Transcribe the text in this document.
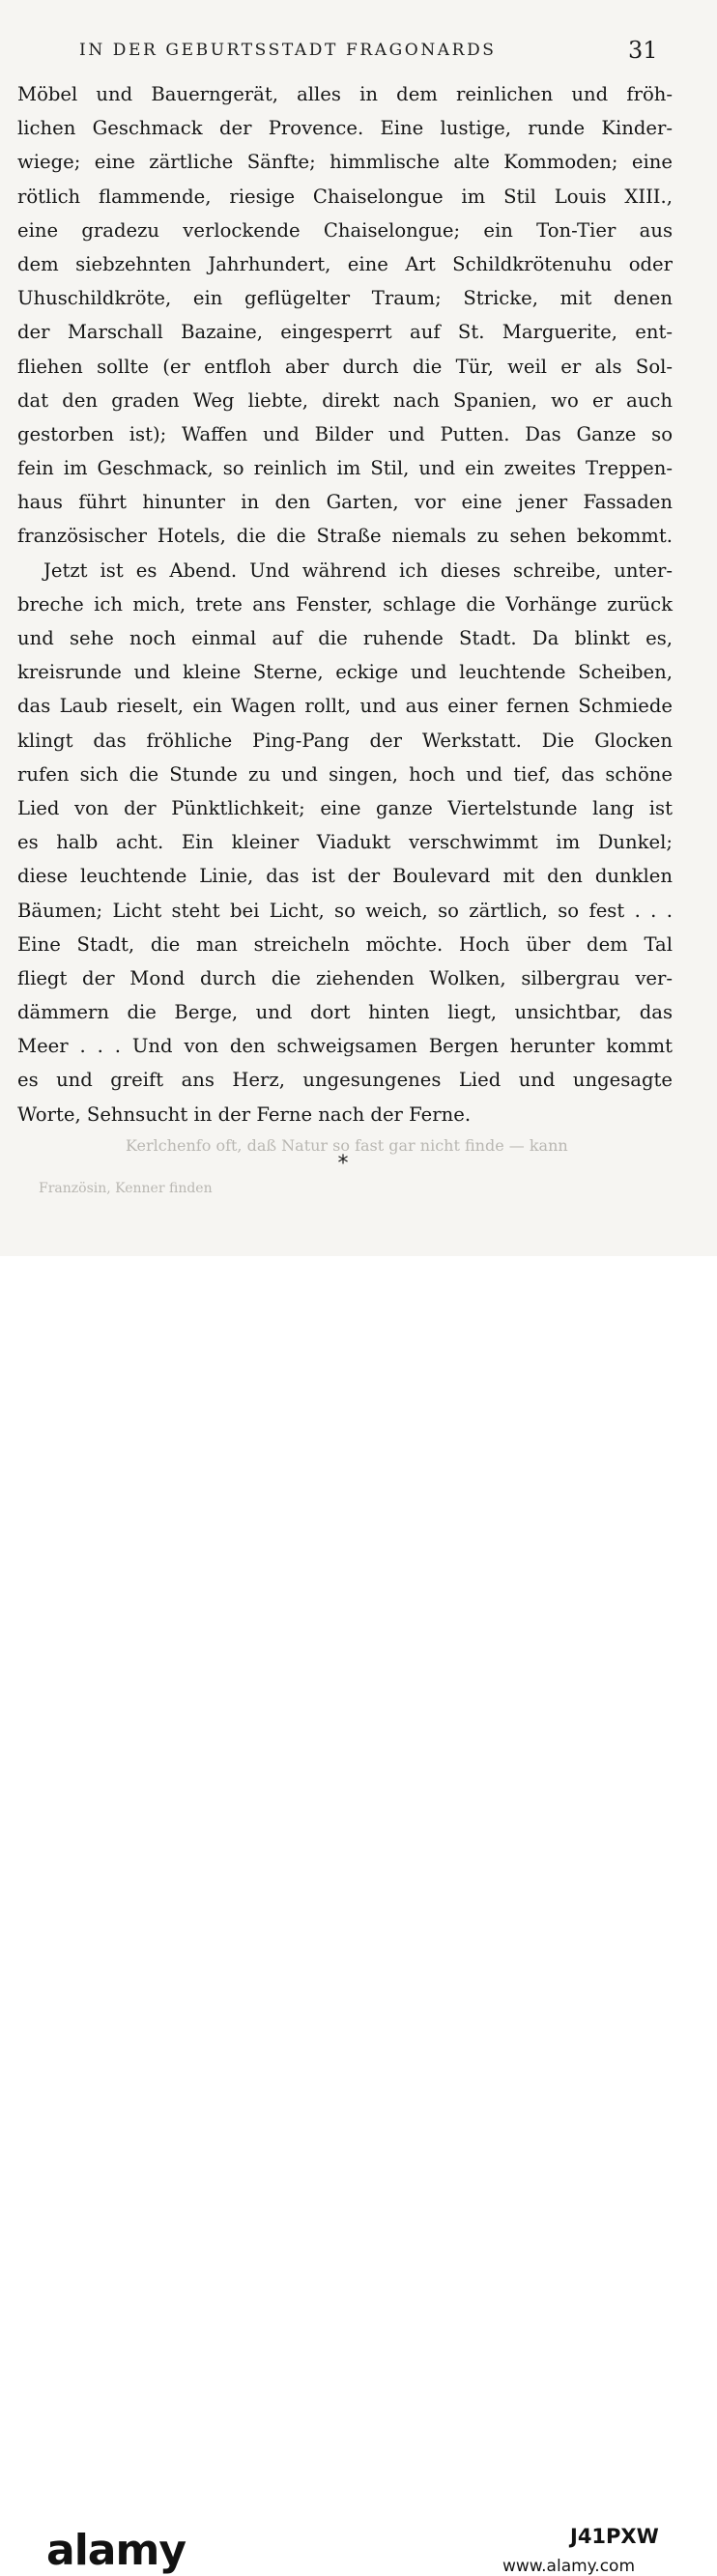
IN DER GEBURTSSTADT FRAGONARDS	31
Kerlchenfo oft, daß Natur so fast gar nicht finde — kann
Französin, Kenner finden
Möbel und Bauerngerät, alles in dem reinlichen und fröh-
lichen Geschmack der Provence. Eine lustige, runde Kinder-
wiege; eine zärtliche Sänfte; himmlische alte Kommoden; eine
rötlich flammende, riesige Chaiselongue im Stil Louis XIII.,
eine gradezu verlockende Chaiselongue; ein Ton-Tier aus
dem siebzehnten Jahrhundert, eine Art Schildkrötenuhu oder
Uhuschildkröte, ein geflügelter Traum; Stricke, mit denen
der Marschall Bazaine, eingesperrt auf St. Marguerite, ent-
fliehen sollte (er entfloh aber durch die Tür, weil er als Sol-
dat den graden Weg liebte, direkt nach Spanien, wo er auch
gestorben ist); Waffen und Bilder und Putten. Das Ganze so
fein im Geschmack, so reinlich im Stil, und ein zweites Treppen-
haus führt hinunter in den Garten, vor eine jener Fassaden
französischer Hotels, die die Straße niemals zu sehen bekommt.
Jetzt ist es Abend. Und während ich dieses schreibe, unter-
breche ich mich, trete ans Fenster, schlage die Vorhänge zurück
und sehe noch einmal auf die ruhende Stadt. Da blinkt es,
kreisrunde und kleine Sterne, eckige und leuchtende Scheiben,
das Laub rieselt, ein Wagen rollt, und aus einer fernen Schmiede
klingt das fröhliche Ping-Pang der Werkstatt. Die Glocken
rufen sich die Stunde zu und singen, hoch und tief, das schöne
Lied von der Pünktlichkeit; eine ganze Viertelstunde lang ist
es halb acht. Ein kleiner Viadukt verschwimmt im Dunkel;
diese leuchtende Linie, das ist der Boulevard mit den dunklen
Bäumen; Licht steht bei Licht, so weich, so zärtlich, so fest . . .
Eine Stadt, die man streicheln möchte. Hoch über dem Tal
fliegt der Mond durch die ziehenden Wolken, silbergrau ver-
dämmern die Berge, und dort hinten liegt, unsichtbar, das
Meer . . . Und von den schweigsamen Bergen herunter kommt
es und greift ans Herz, ungesungenes Lied und ungesagte
Worte, Sehnsucht in der Ferne nach der Ferne.
*
alamy	J41PXW
www.alamy.com
